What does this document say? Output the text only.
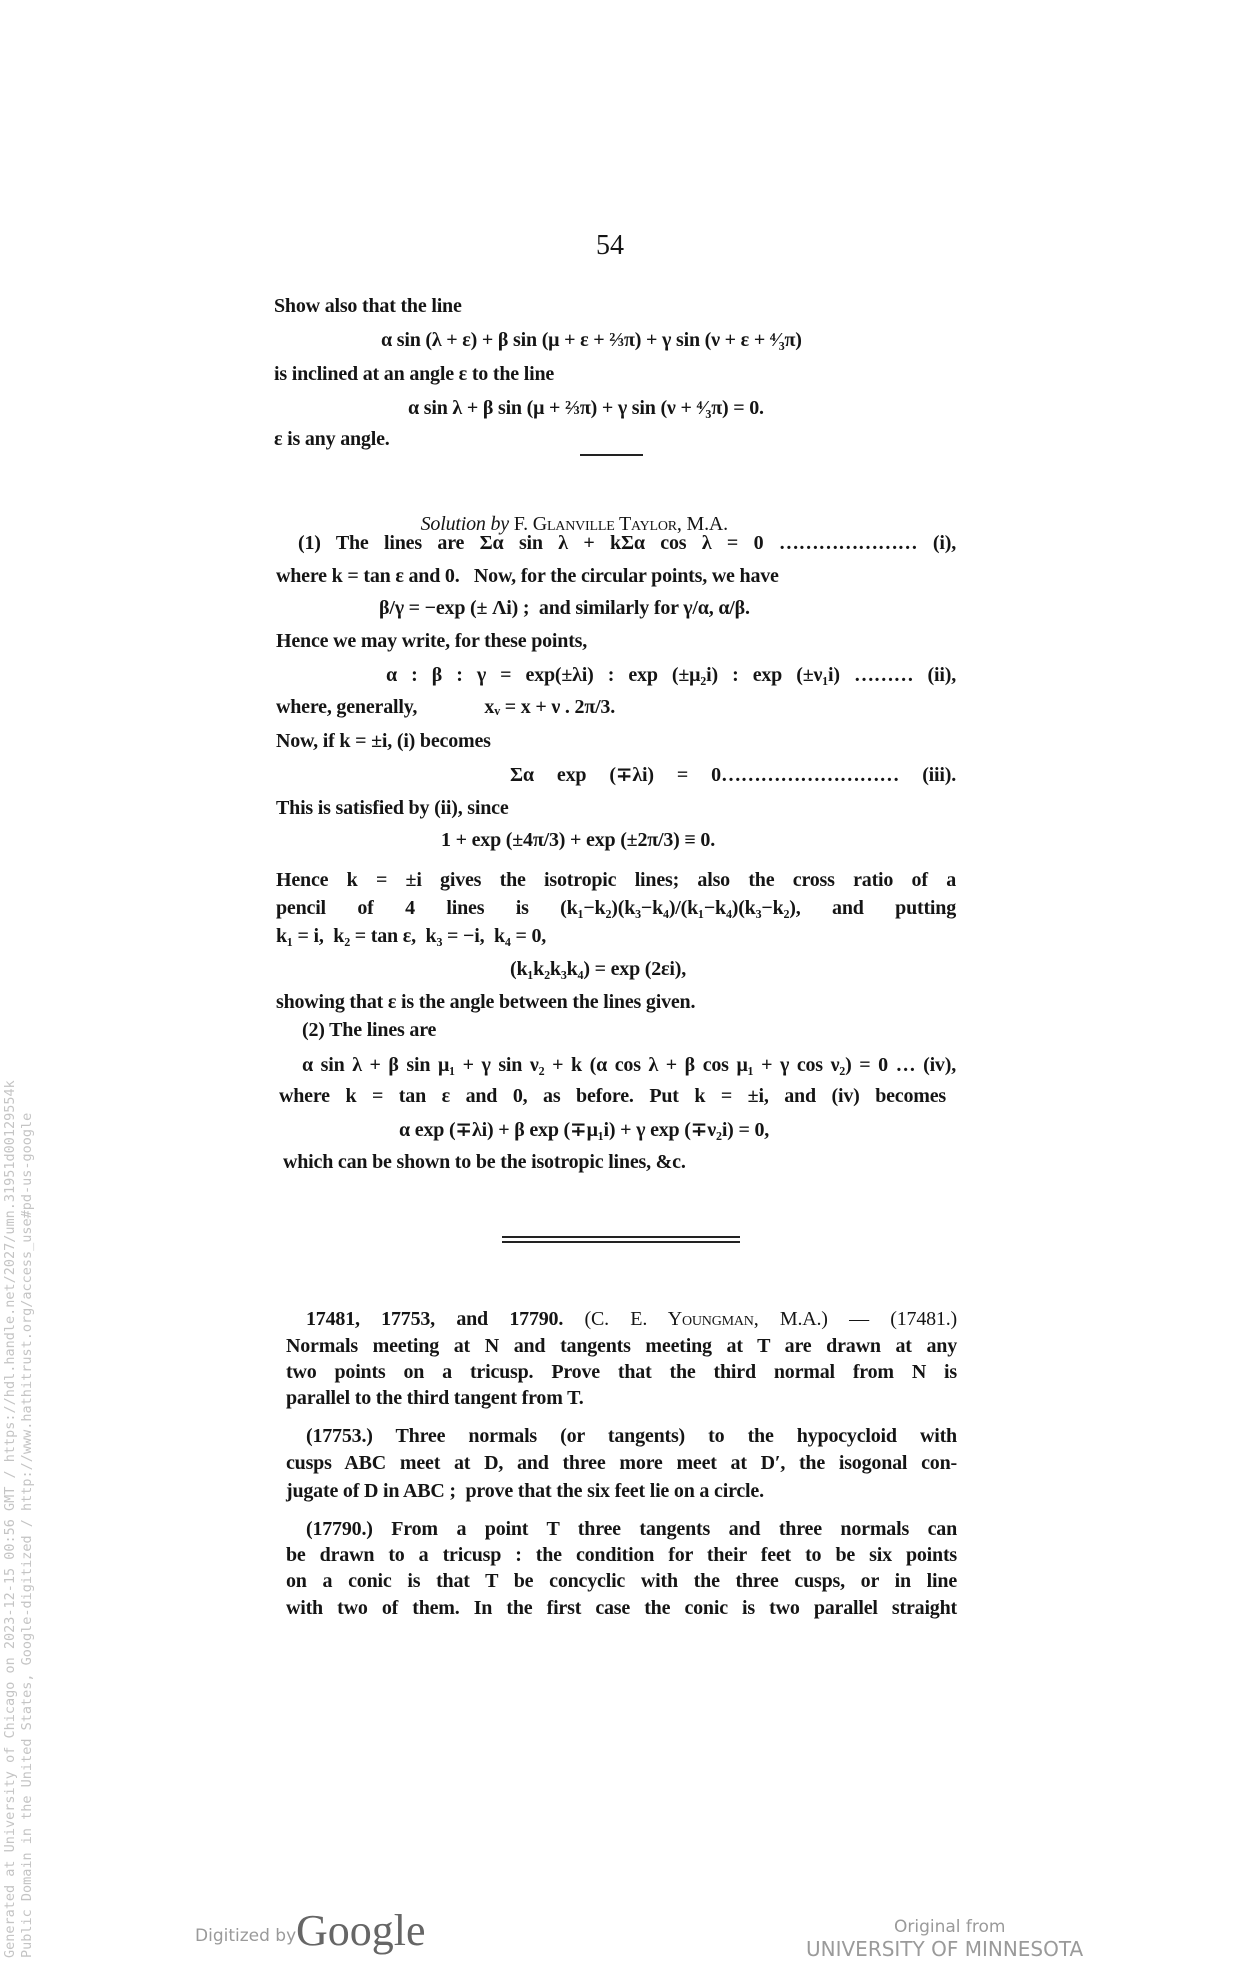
54
Show also that the line
α sin (λ + ε) + β sin (μ + ε + ⅔π) + γ sin (ν + ε + ⁴⁄₃π)
is inclined at an angle ε to the line
α sin λ + β sin (μ + ⅔π) + γ sin (ν + ⁴⁄₃π) = 0.
ε is any angle.

Solution by F. Glanville Taylor, M.A.

(1) The lines are Σα sin λ + kΣα cos λ = 0 ………………… (i),
where k = tan ε and 0.   Now, for the circular points, we have
β/γ = −exp (± Λi) ;  and similarly for γ/α, α/β.
Hence we may write, for these points,
α : β : γ = exp(±λi) : exp (±μ₂i) : exp (±ν₁i) ……… (ii),
where, generally,              xᵥ = x + ν . 2π/3.
Now, if k = ±i, (i) becomes
Σα exp (∓λi) = 0……………………… (iii).
This is satisfied by (ii), since
1 + exp (±4π/3) + exp (±2π/3) ≡ 0.
Hence k = ±i gives the isotropic lines; also the cross ratio of a
pencil of 4 lines is (k₁−k₂)(k₃−k₄)/(k₁−k₄)(k₃−k₂), and putting
k₁ = i,  k₂ = tan ε,  k₃ = −i,  k₄ = 0,
(k₁k₂k₃k₄) = exp (2εi),
showing that ε is the angle between the lines given.
(2) The lines are
α sin λ + β sin μ₁ + γ sin ν₂ + k (α cos λ + β cos μ₁ + γ cos ν₂) = 0 … (iv),
where k = tan ε and 0, as before. Put k = ±i, and (iv) becomes
α exp (∓λi) + β exp (∓μ₁i) + γ exp (∓ν₂i) = 0,
which can be shown to be the isotropic lines, &c.
17481, 17753, and 17790. (C. E. Youngman, M.A.) — (17481.)
Normals meeting at N and tangents meeting at T are drawn at any
two points on a tricusp. Prove that the third normal from N is
parallel to the third tangent from T.
(17753.) Three normals (or tangents) to the hypocycloid with
cusps ABC meet at D, and three more meet at D′, the isogonal con-
jugate of D in ABC ;  prove that the six feet lie on a circle.
(17790.) From a point T three tangents and three normals can
be drawn to a tricusp : the condition for their feet to be six points
on a conic is that T be concyclic with the three cusps, or in line
with two of them. In the first case the conic is two parallel straight
Generated at University of Chicago on 2023-12-15 00:56 GMT / https://hdl.handle.net/2027/umn.31951d00129554k Public Domain in the United States, Google-digitized / http://www.hathitrust.org/access_use#pd-us-google	Digitized by Google	Original from
UNIVERSITY OF MINNESOTA
